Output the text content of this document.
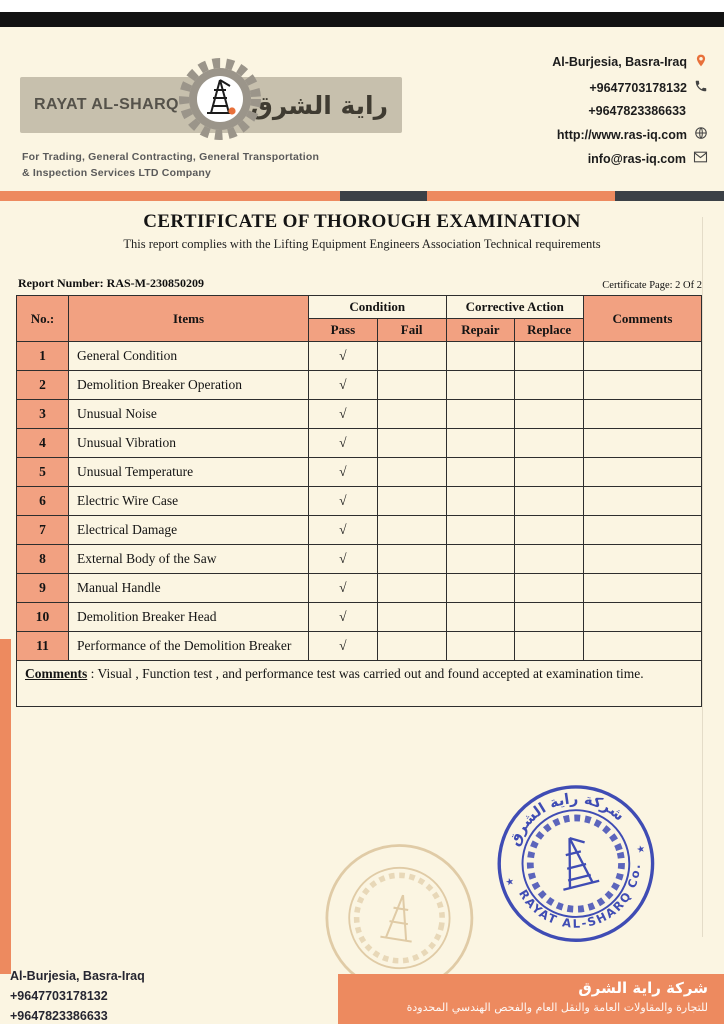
RAYAT AL-SHARQ	راية الشرق
For Trading, General Contracting, General Transportation
& Inspection Services LTD Company
Al-Burjesia, Basra-Iraq
+9647703178132
+9647823386633
http://www.ras-iq.com
info@ras-iq.com
CERTIFICATE OF THOROUGH EXAMINATION
This report complies with the Lifting Equipment Engineers Association Technical requirements
Report Number: RAS-M-230850209	Certificate Page: 2 Of 2
No.:	Items	Condition		Corrective Action		Comments
		Pass	Fail	Repair	Replace	
1	General Condition	√				
2	Demolition Breaker Operation	√				
3	Unusual Noise	√				
4	Unusual Vibration	√				
5	Unusual Temperature	√				
6	Electric Wire Case	√				
7	Electrical Damage	√				
8	External Body of the Saw	√				
9	Manual Handle	√				
10	Demolition Breaker Head	√				
11	Performance of the Demolition Breaker	√				
Comments : Visual , Function test , and performance test was carried out and found accepted at examination time.						
شركة راية الشرق
RAYAT AL-SHARQ Co.
★
★
Al-Burjesia, Basra-Iraq
+9647703178132
+9647823386633
شركة راية الشرق
للتجارة والمقاولات العامة والنقل العام والفحص الهندسي المحدودة
